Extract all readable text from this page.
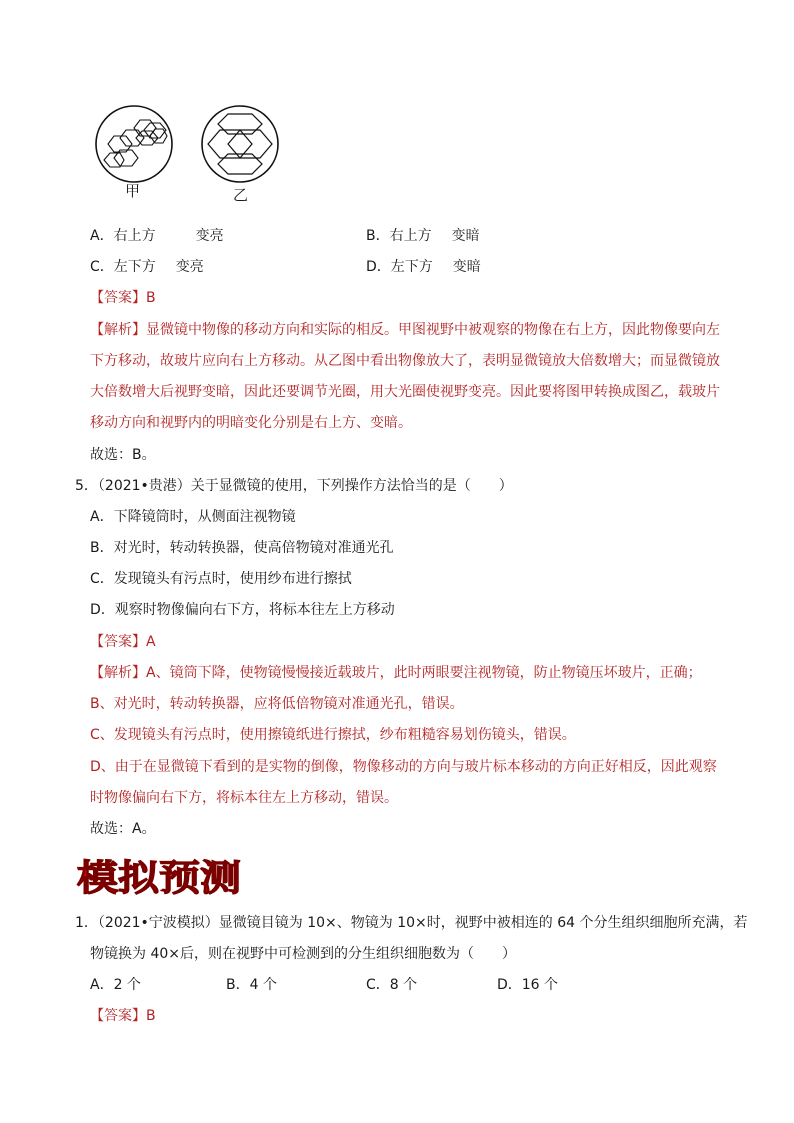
甲	乙
A．右上方	变亮	B．右上方 变暗
C．左下方 变亮	D．左下方 变暗
【答案】B
【解析】显微镜中物像的移动方向和实际的相反。甲图视野中被观察的物像在右上方，因此物像要向左
下方移动，故玻片应向右上方移动。从乙图中看出物像放大了，表明显微镜放大倍数增大；而显微镜放
大倍数增大后视野变暗，因此还要调节光圈，用大光圈使视野变亮。因此要将图甲转换成图乙，载玻片
移动方向和视野内的明暗变化分别是右上方、变暗。
故选：B。
5．（2021•贵港）关于显微镜的使用，下列操作方法恰当的是（　　）
A．下降镜筒时，从侧面注视物镜
B．对光时，转动转换器，使高倍物镜对准通光孔
C．发现镜头有污点时，使用纱布进行擦拭
D．观察时物像偏向右下方，将标本往左上方移动
【答案】A
【解析】A、镜筒下降，使物镜慢慢接近载玻片，此时两眼要注视物镜，防止物镜压坏玻片，正确；
B、对光时，转动转换器，应将低倍物镜对准通光孔，错误。
C、发现镜头有污点时，使用擦镜纸进行擦拭，纱布粗糙容易划伤镜头，错误。
D、由于在显微镜下看到的是实物的倒像，物像移动的方向与玻片标本移动的方向正好相反，因此观察
时物像偏向右下方，将标本往左上方移动，错误。
故选：A。
模拟预测
1．（2021•宁波模拟）显微镜目镜为 10×、物镜为 10×时，视野中被相连的 64 个分生组织细胞所充满，若
物镜换为 40×后，则在视野中可检测到的分生组织细胞数为（　　）
A．2 个	B．4 个	C．8 个	D．16 个
【答案】B
